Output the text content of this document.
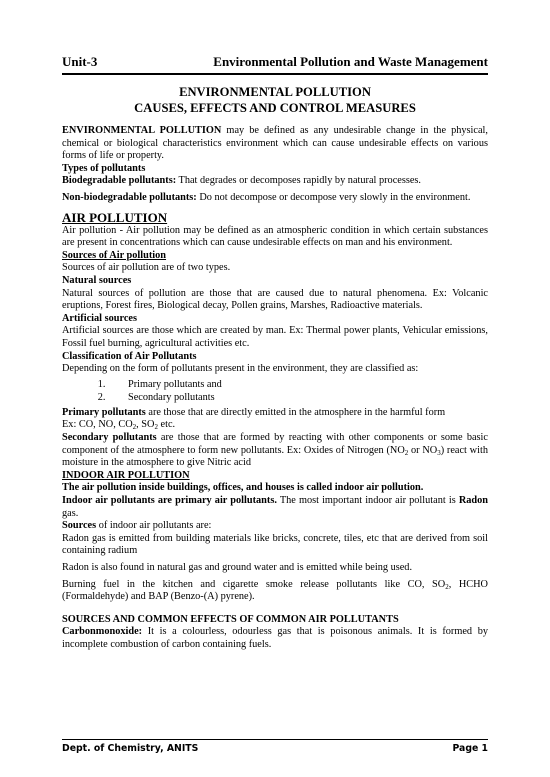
Unit-3	Environmental Pollution and Waste Management

ENVIRONMENTAL POLLUTION

CAUSES, EFFECTS AND CONTROL MEASURES

ENVIRONMENTAL POLLUTION may be defined as any undesirable change in the physical, chemical or biological characteristics environment which can cause undesirable effects on various forms of life or property.

Types of pollutants

Biodegradable pollutants: That degrades or decomposes rapidly by natural processes.

Non-biodegradable pollutants: Do not decompose or decompose very slowly in the environment.

AIR POLLUTION

Air pollution - Air pollution may be defined as an atmospheric condition in which certain substances are present in concentrations which can cause undesirable effects on man and his environment.

Sources of Air pollution

Sources of air pollution are of two types.

Natural sources

Natural sources of pollution are those that are caused due to natural phenomena. Ex: Volcanic eruptions, Forest fires, Biological decay, Pollen grains, Marshes, Radioactive materials.

Artificial sources

Artificial sources are those which are created by man. Ex: Thermal power plants, Vehicular emissions, Fossil fuel burning, agricultural activities etc.

Classification of Air Pollutants

Depending on the form of pollutants present in the environment, they are classified as:

1. Primary pollutants and
2. Secondary pollutants

Primary pollutants are those that are directly emitted in the atmosphere in the harmful form

Ex: CO, NO, $CO_2$, $SO_2$ etc.

Secondary pollutants are those that are formed by reacting with other components or some basic component of the atmosphere to form new pollutants. Ex: Oxides of Nitrogen ($NO_2$ or $NO_3$) react with moisture in the atmosphere to give Nitric acid

INDOOR AIR POLLUTION

The air pollution inside buildings, offices, and houses is called indoor air pollution.

Indoor air pollutants are primary air pollutants. The most important indoor air pollutant is Radon gas.

Sources of indoor air pollutants are:

Radon gas is emitted from building materials like bricks, concrete, tiles, etc that are derived from soil containing radium

Radon is also found in natural gas and ground water and is emitted while being used.

Burning fuel in the kitchen and cigarette smoke release pollutants like CO, $SO_2$, HCHO (Formaldehyde) and BAP (Benzo-(A) pyrene).

SOURCES AND COMMON EFFECTS OF COMMON AIR POLLUTANTS

Carbonmonoxide: It is a colourless, odourless gas that is poisonous animals. It is formed by incomplete combustion of carbon containing fuels.

Dept. of Chemistry, ANITS	Page 1
